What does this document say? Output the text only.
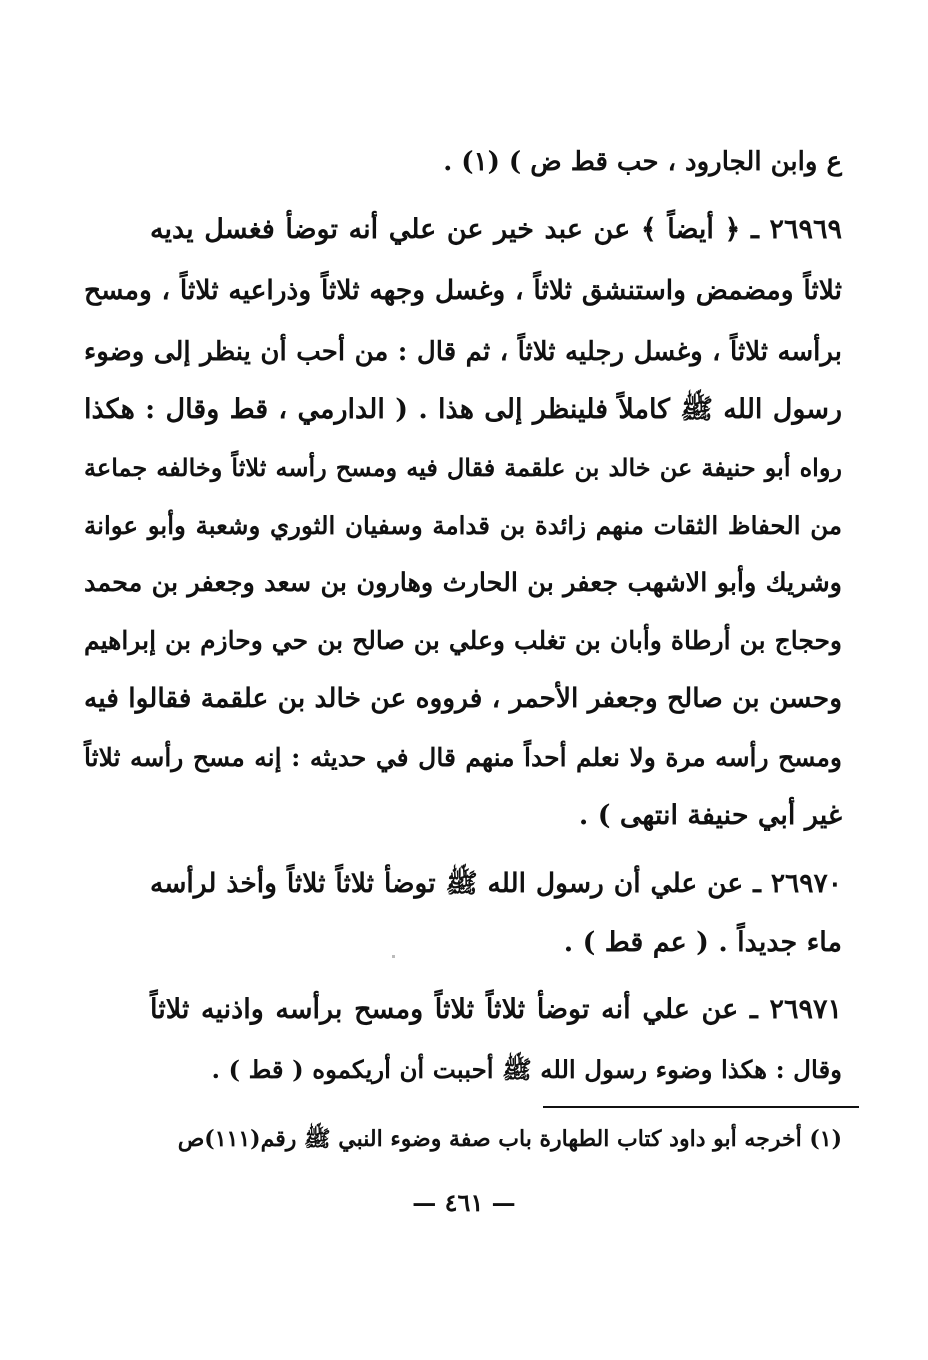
ع وابن الجارود ، حب قط ض ) (١) .
٢٦٩٦٩ ـ ﴿ أيضاً ﴾ عن عبد خير عن علي أنه توضأ فغسل يديه
ثلاثاً ومضمض واستنشق ثلاثاً ، وغسل وجهه ثلاثاً وذراعيه ثلاثاً ، ومسح
برأسه ثلاثاً ، وغسل رجليه ثلاثاً ، ثم قال : من أحب أن ينظر إلى وضوء
رسول الله ﷺ كاملاً فلينظر إلى هذا . ( الدارمي ، قط وقال : هكذا
رواه أبو حنيفة عن خالد بن علقمة فقال فيه ومسح رأسه ثلاثاً وخالفه جماعة
من الحفاظ الثقات منهم زائدة بن قدامة وسفيان الثوري وشعبة وأبو عوانة
وشريك وأبو الاشهب جعفر بن الحارث وهارون بن سعد وجعفر بن محمد
وحجاج بن أرطاة وأبان بن تغلب وعلي بن صالح بن حي وحازم بن إبراهيم
وحسن بن صالح وجعفر الأحمر ، فرووه عن خالد بن علقمة فقالوا فيه
ومسح رأسه مرة ولا نعلم أحداً منهم قال في حديثه : إنه مسح رأسه ثلاثاً
غير أبي حنيفة انتهى ) .
٢٦٩٧٠ ـ عن علي أن رسول الله ﷺ توضأ ثلاثاً ثلاثاً وأخذ لرأسه
ماء جديداً . ( عم قط ) .
٢٦٩٧١ ـ عن علي أنه توضأ ثلاثاً ثلاثاً ومسح برأسه واذنيه ثلاثاً
وقال : هكذا وضوء رسول الله ﷺ أحببت أن أريكموه ( قط ) .
(١) أخرجه أبو داود كتاب الطهارة باب صفة وضوء النبي ﷺ رقم(١١١)ص
— ٤٦١ —
